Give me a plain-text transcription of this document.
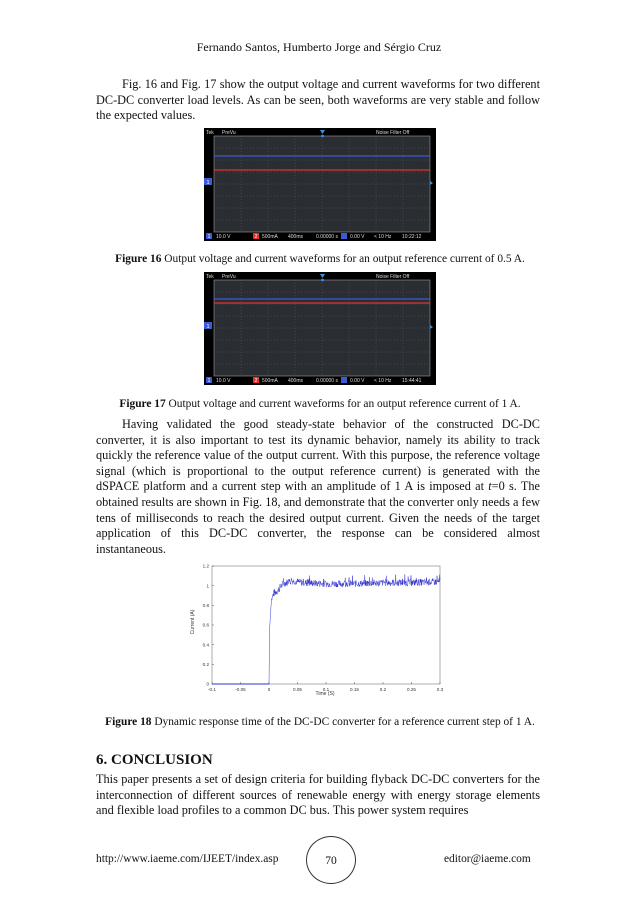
Fernando Santos, Humberto Jorge and Sérgio Cruz

Fig. 16 and Fig. 17 show the output voltage and current waveforms for two different DC-DC converter load levels. As can be seen, both waveforms are very stable and follow the expected values.

1
Tek PreVu	Noise Filter Off
1 10.0 V	2 500mA 400ms	0.00000 s 0.00 V < 10 Hz 10:22:12
Figure 16 Output voltage and current waveforms for an output reference current of 0.5 A.
1
Tek PreVu	Noise Filter Off
1 10.0 V	2 500mA 400ms	0.00000 s 0.00 V < 10 Hz 15:44:41
Figure 17 Output voltage and current waveforms for an output reference current of 1 A.

Having validated the good steady-state behavior of the constructed DC-DC converter, it is also important to test its dynamic behavior, namely its ability to track quickly the reference value of the output current. With this purpose, the reference voltage signal (which is proportional to the output reference current) is generated with the dSPACE platform and a current step with an amplitude of 1 A is imposed at t=0 s. The obtained results are shown in Fig. 18, and demonstrate that the converter only needs a few tens of milliseconds to reach the desired output current. Given the needs of the target application of this DC-DC converter, the response can be considered almost instantaneous.

Current (A)
Time (S)
-0.1	-0.05	0	0.05	0.1	0.15	0.2	0.25	0.3
0
0.2
0.4
0.6
0.8
1
1.2
Figure 18 Dynamic response time of the DC-DC converter for a reference current step of 1 A.
6. CONCLUSION

This paper presents a set of design criteria for building flyback DC-DC converters for the interconnection of different sources of renewable energy with energy storage elements and flexible load profiles to a common DC bus. This power system requires

http://www.iaeme.com/IJEET/index.asp	70	editor@iaeme.com
